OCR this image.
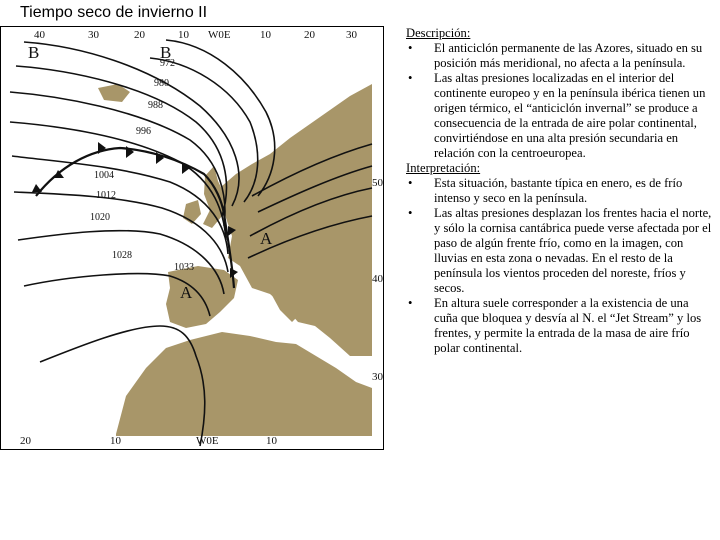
Tiempo seco de invierno II
40	30	20	10 W0E	10	20	30
20	10	W0E	10
50
40
30
972
980
988
996
1004
1012
1020
1028
1033
B	B
A
A
Descripción:
• El anticiclón permanente de las Azores, situado en su posición más meridional, no afecta a la península.
• Las altas presiones localizadas en el interior del continente europeo y en la península ibérica tienen un origen térmico, el “anticiclón invernal” se produce a consecuencia de la entrada de aire polar continental, convirtiéndose en una alta presión secundaria en relación con la centroeuropea.
Interpretación:
• Esta situación, bastante típica en enero, es de frío intenso y seco en la península.
• Las altas presiones desplazan los frentes hacia el norte, y sólo la cornisa cantábrica puede verse afectada por el paso de algún frente frío, como en la imagen, con lluvias en esta zona o nevadas. En el resto de la península los vientos proceden del noreste, fríos y secos.
• En altura suele corresponder a la existencia de una cuña que bloquea y desvía al N. el “Jet Stream” y los frentes, y permite la entrada de la masa de aire frío polar continental.
